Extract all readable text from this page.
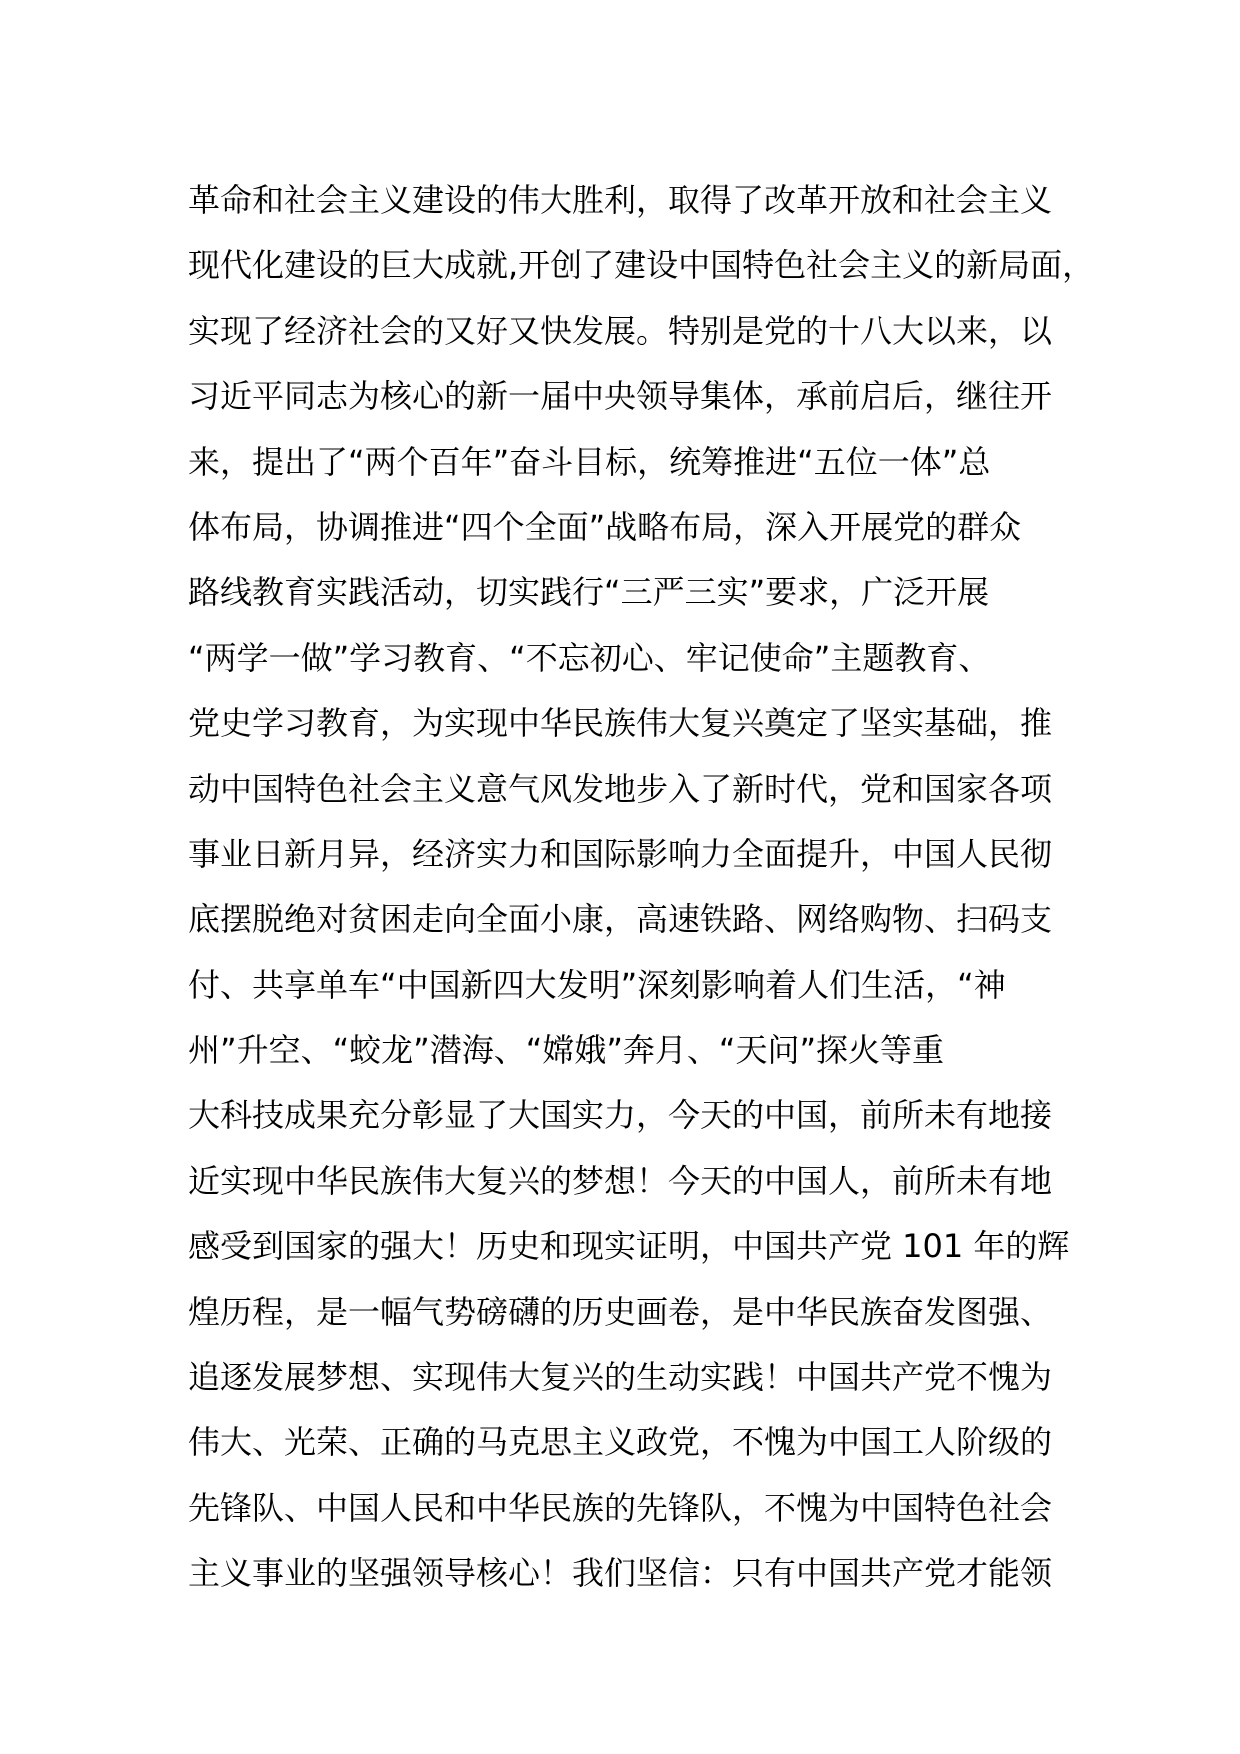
革命和社会主义建设的伟大胜利，取得了改革开放和社会主义
现代化建设的巨大成就,开创了建设中国特色社会主义的新局面，
实现了经济社会的又好又快发展。特别是党的十八大以来，以
习近平同志为核心的新一届中央领导集体，承前启后，继往开
来，提出了“两个百年”奋斗目标，统筹推进“五位一体”总
体布局，协调推进“四个全面”战略布局，深入开展党的群众
路线教育实践活动，切实践行“三严三实”要求，广泛开展
“两学一做”学习教育、“不忘初心、牢记使命”主题教育、
党史学习教育，为实现中华民族伟大复兴奠定了坚实基础，推
动中国特色社会主义意气风发地步入了新时代，党和国家各项
事业日新月异，经济实力和国际影响力全面提升，中国人民彻
底摆脱绝对贫困走向全面小康，高速铁路、网络购物、扫码支
付、共享单车“中国新四大发明”深刻影响着人们生活，“神
州”升空、“蛟龙”潜海、“嫦娥”奔月、“天问”探火等重
大科技成果充分彰显了大国实力，今天的中国，前所未有地接
近实现中华民族伟大复兴的梦想！今天的中国人，前所未有地
感受到国家的强大！历史和现实证明，中国共产党 101 年的辉
煌历程，是一幅气势磅礴的历史画卷，是中华民族奋发图强、
追逐发展梦想、实现伟大复兴的生动实践！中国共产党不愧为
伟大、光荣、正确的马克思主义政党，不愧为中国工人阶级的
先锋队、中国人民和中华民族的先锋队，不愧为中国特色社会
主义事业的坚强领导核心！我们坚信：只有中国共产党才能领
